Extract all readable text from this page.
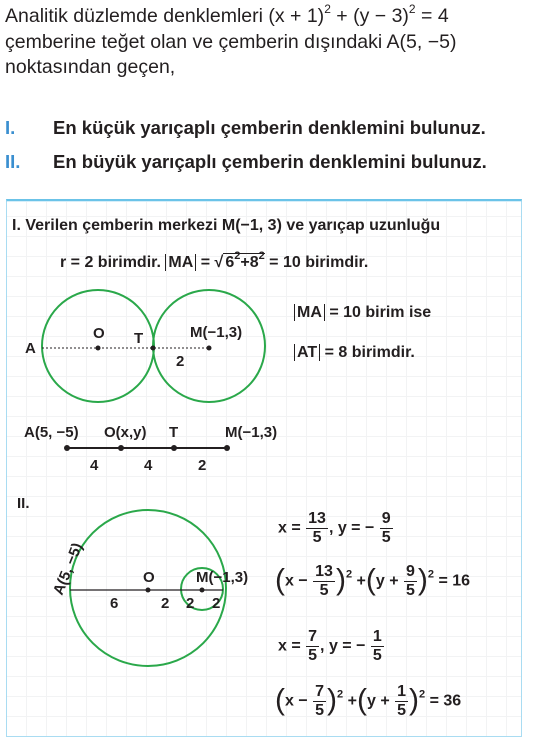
Analitik düzlemde denklemleri $(x + 1)^2 + (y - 3)^2 = 4$
çemberine teğet olan ve çemberin dışındaki A(5, −5)
noktasından geçen,
I. En küçük yarıçaplı çemberin denklemini bulunuz.
II. En büyük yarıçaplı çemberin denklemini bulunuz.
I. Verilen çemberin merkezi M(−1, 3) ve yarıçap uzunluğu
r = 2 birimdir. MA = √ $6^2+8^2 = 10$ birimdir.
MA = 10 birim ise
AT = 8 birimdir.
A
O T	M(−1,3)
2
A(5, −5) O(x,y) T	M(−1,3)
4	4	2
II.
O	M(−1,3)
6	2 2 2
A(5, −5)
$x = \frac{13}{5}$ , y = − $\frac{9}{5}$
$(x - \frac{13}{5} )^2 +(y + \frac{9}{5} )^2 = 16$
$x = \frac{7}{5}$ , y = − $\frac{1}{5}$
$(x - \frac{7}{5} )^2 +(y + \frac{1}{5} )^2 = 36$
